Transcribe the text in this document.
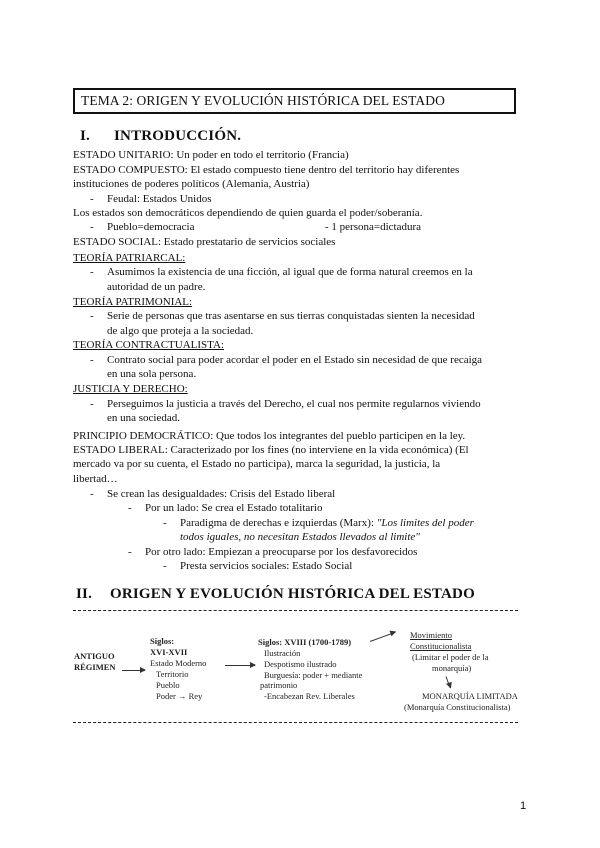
TEMA 2: ORIGEN Y EVOLUCIÓN HISTÓRICA DEL ESTADO
I. INTRODUCCIÓN.
ESTADO UNITARIO: Un poder en todo el territorio (Francia)
ESTADO COMPUESTO: El estado compuesto tiene dentro del territorio hay diferentes
instituciones de poderes políticos (Alemania, Austria)
- Feudal: Estados Unidos
Los estados son democráticos dependiendo de quien guarda el poder/soberanía.
- Pueblo=democracia	- 1 persona=dictadura
ESTADO SOCIAL: Estado prestatario de servicios sociales
TEORÍA PATRIARCAL:
- Asumimos la existencia de una ficción, al igual que de forma natural creemos en la
autoridad de un padre.
TEORÍA PATRIMONIAL:
- Serie de personas que tras asentarse en sus tierras conquistadas sienten la necesidad
de algo que proteja a la sociedad.
TEORÍA CONTRACTUALISTA:
- Contrato social para poder acordar el poder en el Estado sin necesidad de que recaiga
en una sola persona.
JUSTICIA Y DERECHO:
- Perseguimos la justicia a través del Derecho, el cual nos permite regularnos viviendo
en una sociedad.
PRINCIPIO DEMOCRÁTICO: Que todos los integrantes del pueblo participen en la ley.
ESTADO LIBERAL: Caracterizado por los fines (no interviene en la vida económica) (El
mercado va por su cuenta, el Estado no participa), marca la seguridad, la justicia, la
libertad…
- Se crean las desigualdades: Crisis del Estado liberal
- Por un lado: Se crea el Estado totalitario
- Paradigma de derechas e izquierdas (Marx): "Los limites del poder
todos iguales, no necesitan Estados llevados al limite"
- Por otro lado: Empiezan a preocuparse por los desfavorecidos
- Presta servicios sociales: Estado Social
II. ORIGEN Y EVOLUCIÓN HISTÓRICA DEL ESTADO
ANTIGUO
RÉGIMEN
Siglos:
XVI-XVII
Estado Moderno
Territorio
Pueblo
Poder → Rey
Siglos: XVIII (1700-1789)
Ilustración
Despotismo ilustrado
Burguesía: poder + mediante
patrimonio
-Encabezan Rev. Liberales
Movimiento
Constitucionalista
(Limitar el poder de la
monarquía)
MONARQUÍA LIMITADA
(Monarquía Constitucionalista)
1
